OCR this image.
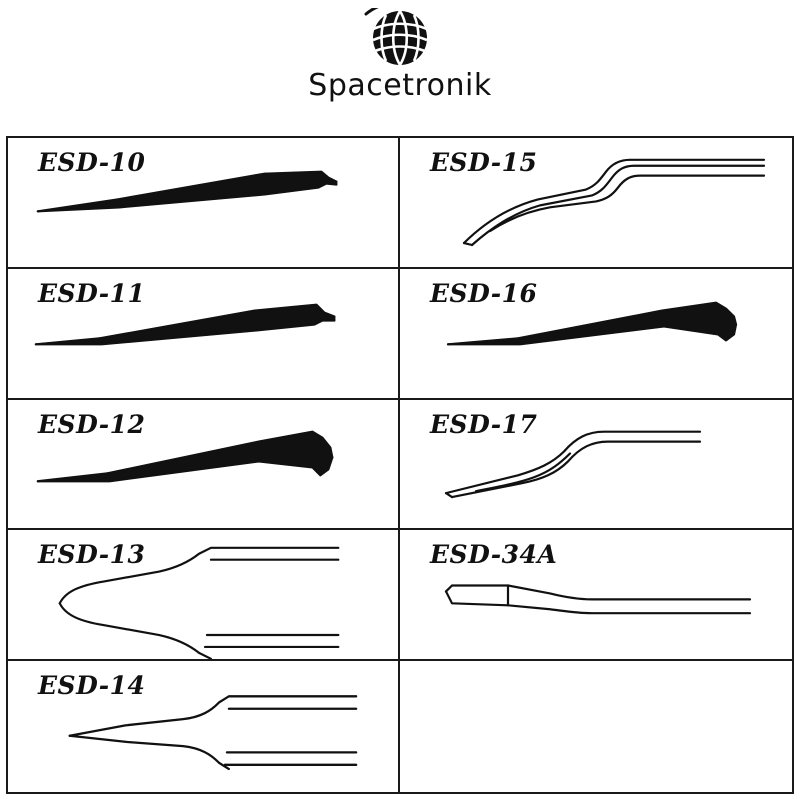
Spacetronik
ESD-10	ESD-15
ESD-11	ESD-16
ESD-12	ESD-17
ESD-13	ESD-34A
ESD-14
